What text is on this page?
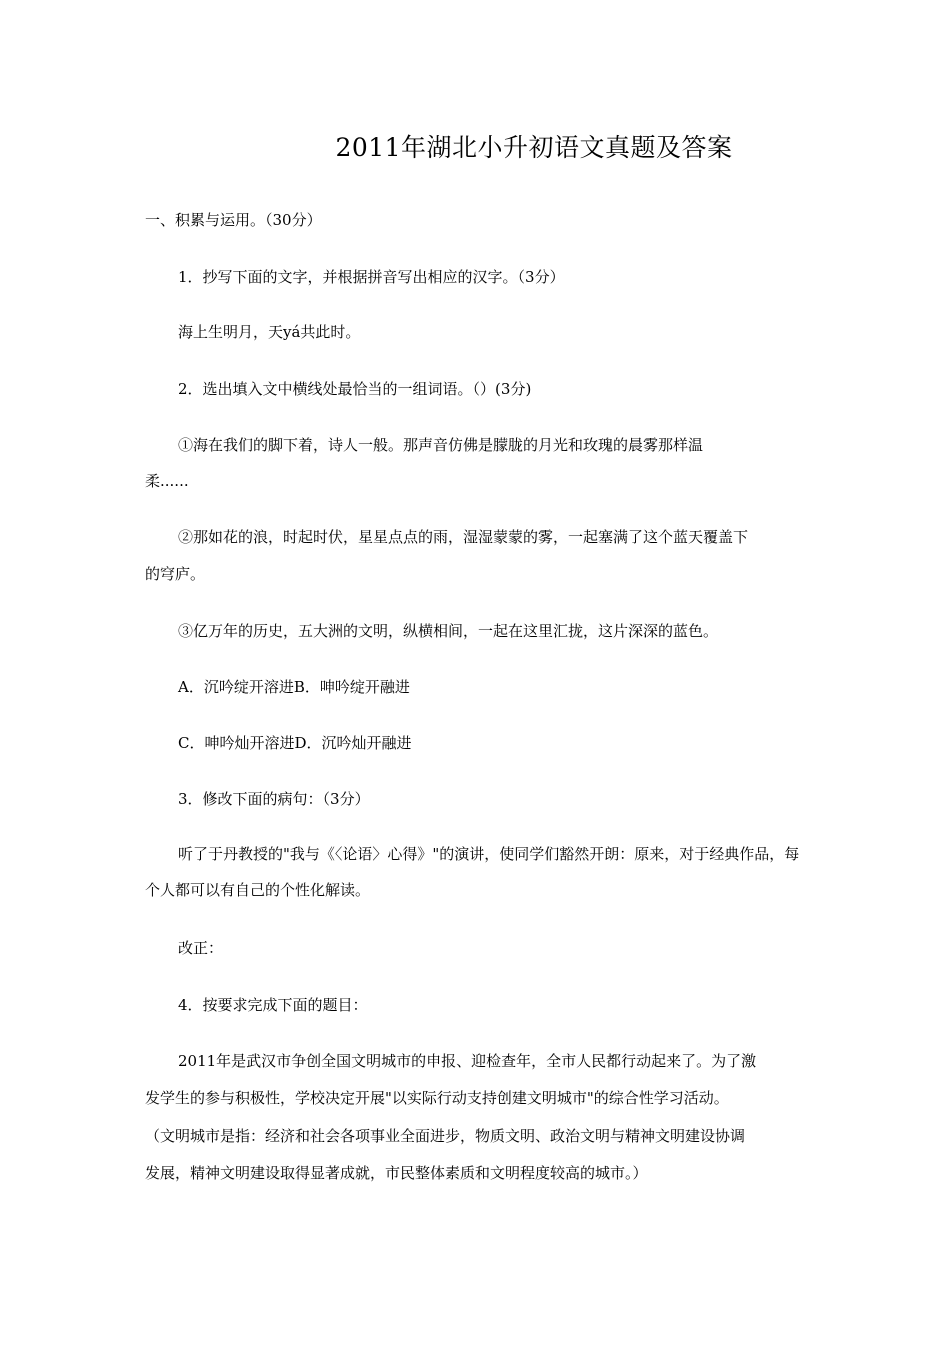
2011年湖北小升初语文真题及答案
一、积累与运用。（30分）
1．抄写下面的文字，并根据拼音写出相应的汉字。（3分）
海上生明月，天yá共此时。
2．选出填入文中横线处最恰当的一组词语。（）(3分)
①海在我们的脚下着，诗人一般。那声音仿佛是朦胧的月光和玫瑰的晨雾那样温
柔......
②那如花的浪，时起时伏，星星点点的雨，湿湿蒙蒙的雾，一起塞满了这个蓝天覆盖下
的穹庐。
③亿万年的历史，五大洲的文明，纵横相间，一起在这里汇拢，这片深深的蓝色。
A．沉吟绽开溶进B．呻吟绽开融进
C．呻吟灿开溶进D．沉吟灿开融进
3．修改下面的病句：（3分）
听了于丹教授的"我与《〈论语〉心得》"的演讲，使同学们豁然开朗：原来，对于经典作品，每个人都可以有自己的个性化解读。
改正：
4．按要求完成下面的题目：
2011年是武汉市争创全国文明城市的申报、迎检查年，全市人民都行动起来了。为了激
发学生的参与积极性，学校决定开展"以实际行动支持创建文明城市"的综合性学习活动。
（文明城市是指：经济和社会各项事业全面进步，物质文明、政治文明与精神文明建设协调
发展，精神文明建设取得显著成就，市民整体素质和文明程度较高的城市。）
